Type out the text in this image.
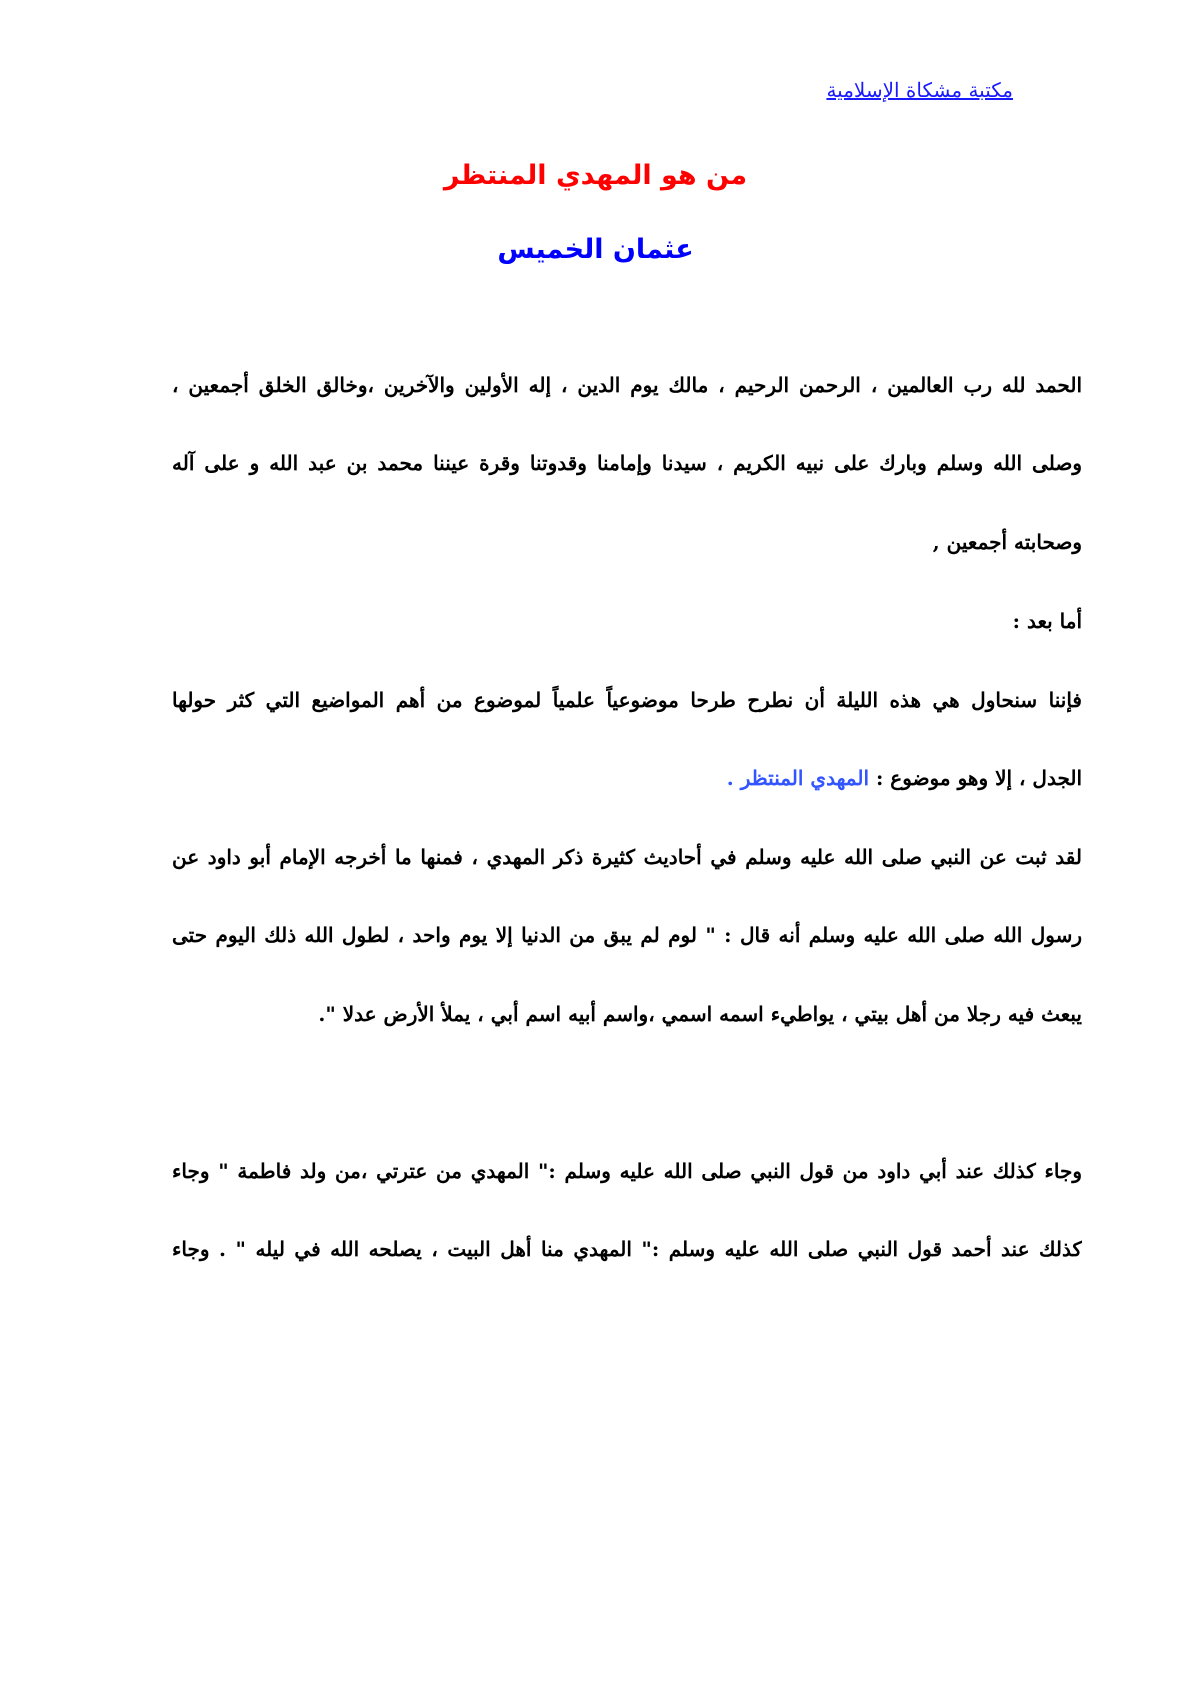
مكتبة مشكاة الإسلامية
من هو المهدي المنتظر
عثمان الخميس
الحمد لله رب العالمين ، الرحمن الرحيم ، مالك يوم الدين ، إله الأولين والآخرين ،وخالق الخلق أجمعين ،
وصلى الله وسلم وبارك على نبيه الكريم ، سيدنا وإمامنا وقدوتنا وقرة عيننا محمد بن عبد الله و على آله
وصحابته أجمعين ,
أما بعد :
فإننا سنحاول هي هذه الليلة أن نطرح طرحا موضوعياً علمياً لموضوع من أهم المواضيع التي كثر حولها
الجدل ، إلا وهو موضوع : المهدي المنتظر .
لقد ثبت عن النبي صلى الله عليه وسلم في أحاديث كثيرة ذكر المهدي ، فمنها ما أخرجه الإمام أبو داود عن
رسول الله صلى الله عليه وسلم أنه قال : " لوم لم يبق من الدنيا إلا يوم واحد ، لطول الله ذلك اليوم حتى
يبعث فيه رجلا من أهل بيتي ، يواطيء اسمه اسمي ،واسم أبيه اسم أبي ، يملأ الأرض عدلا ".
وجاء كذلك عند أبي داود من قول النبي صلى الله عليه وسلم :" المهدي من عترتي ،من ولد فاطمة " وجاء
كذلك عند أحمد قول النبي صلى الله عليه وسلم :" المهدي منا أهل البيت ، يصلحه الله في ليله " . وجاء
